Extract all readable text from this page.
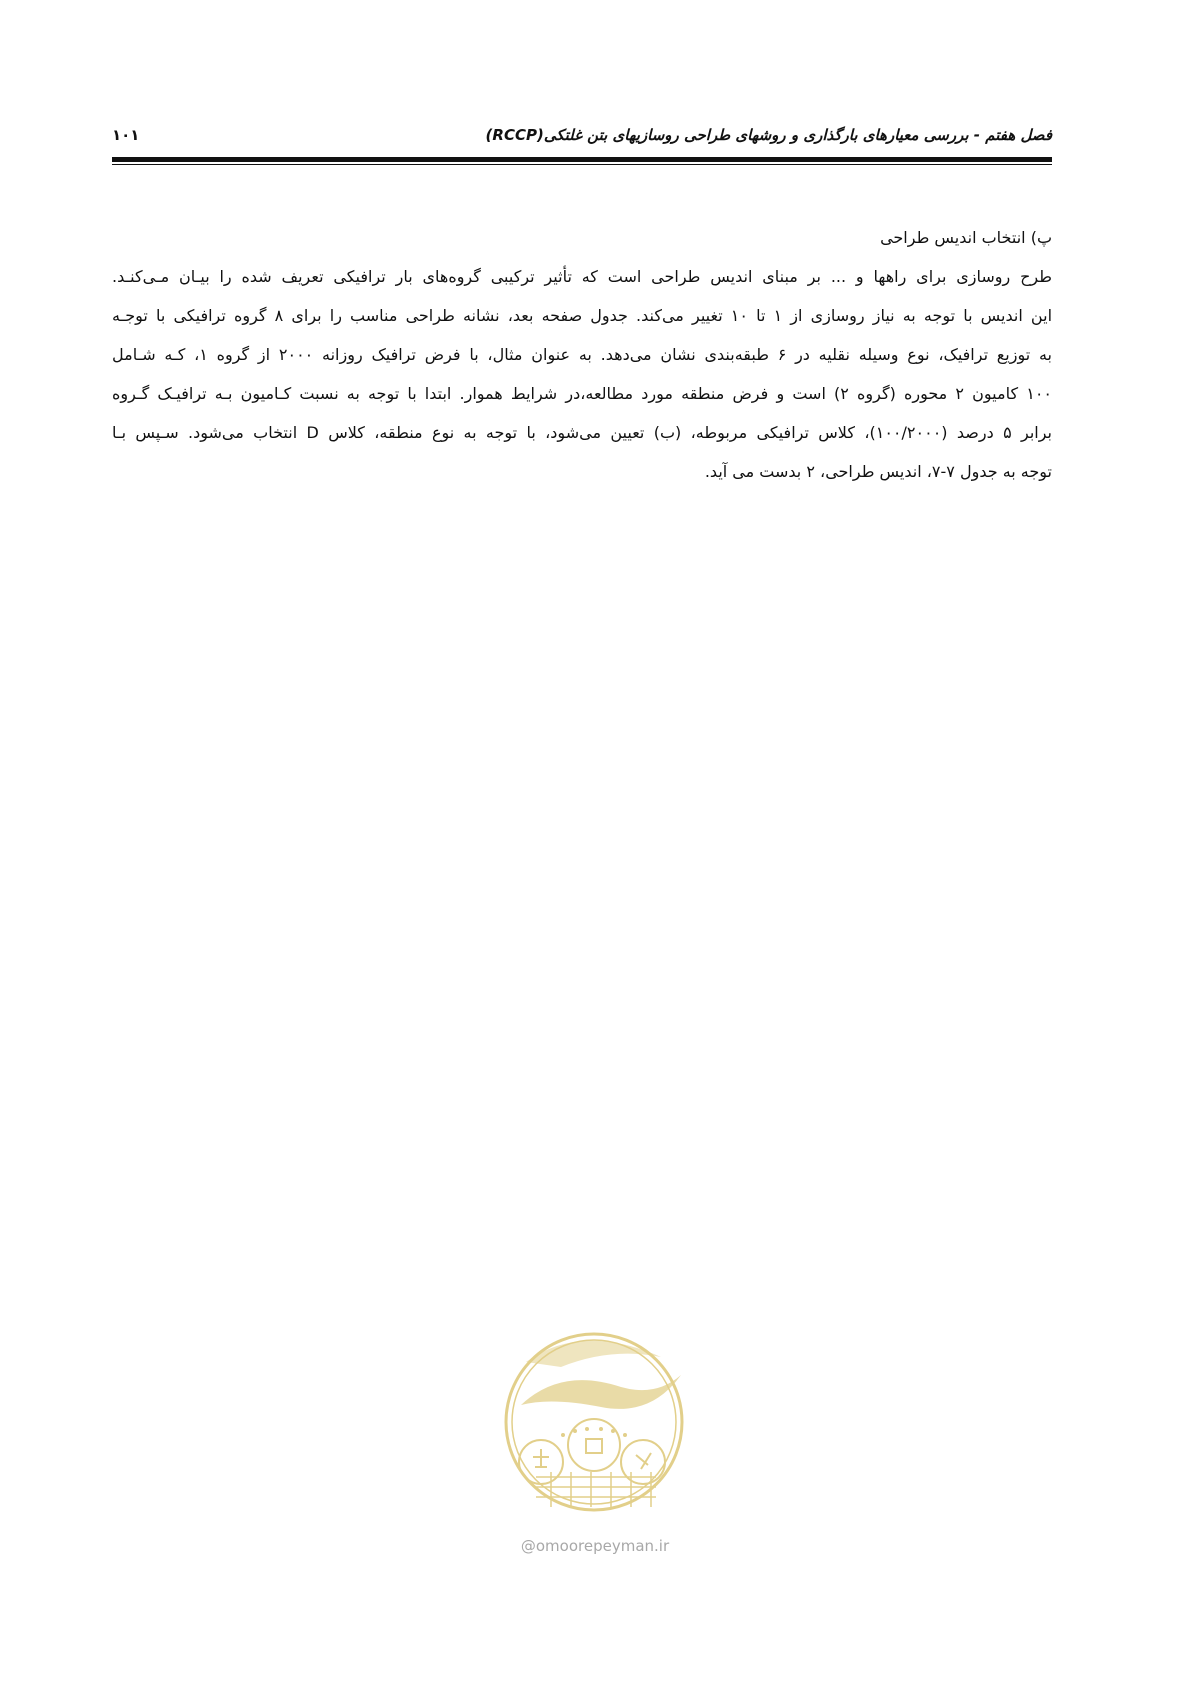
فصل هفتم - بررسی معیارهای بارگذاری و روشهای طراحی روسازیهای بتن غلتکی(RCCP)
۱۰۱
پ) انتخاب اندیس طراحی
طرح روسازی برای راهها و ... بر مبنای اندیس طراحی است که تأثیر ترکیبی گروه‌های بار ترافیکی تعریف شده را بیـان مـی‌کنـد.
این اندیس با توجه به نیاز روسازی از ۱ تا ۱۰ تغییر می‌کند. جدول صفحه بعد، نشانه طراحی مناسب را برای ۸ گروه ترافیکی با توجـه
به توزیع ترافیک، نوع وسیله نقلیه در ۶ طبقه‌بندی نشان می‌دهد. به عنوان مثال، با فرض ترافیک روزانه ۲۰۰۰ از گروه ۱، کـه شـامل
۱۰۰ کامیون ۲ محوره (گروه ۲) است و فرض منطقه مورد مطالعه،در شرایط هموار. ابتدا با توجه به نسبت کـامیون بـه ترافیـک گـروه
برابر ۵ درصد (۱۰۰/۲۰۰۰)، کلاس ترافیکی مربوطه، (ب) تعیین می‌شود، با توجه به نوع منطقه، کلاس D انتخاب می‌شود. سـپس بـا
توجه به جدول ۷-۷، اندیس طراحی، ۲ بدست می آید.
@omoorepeyman.ir
